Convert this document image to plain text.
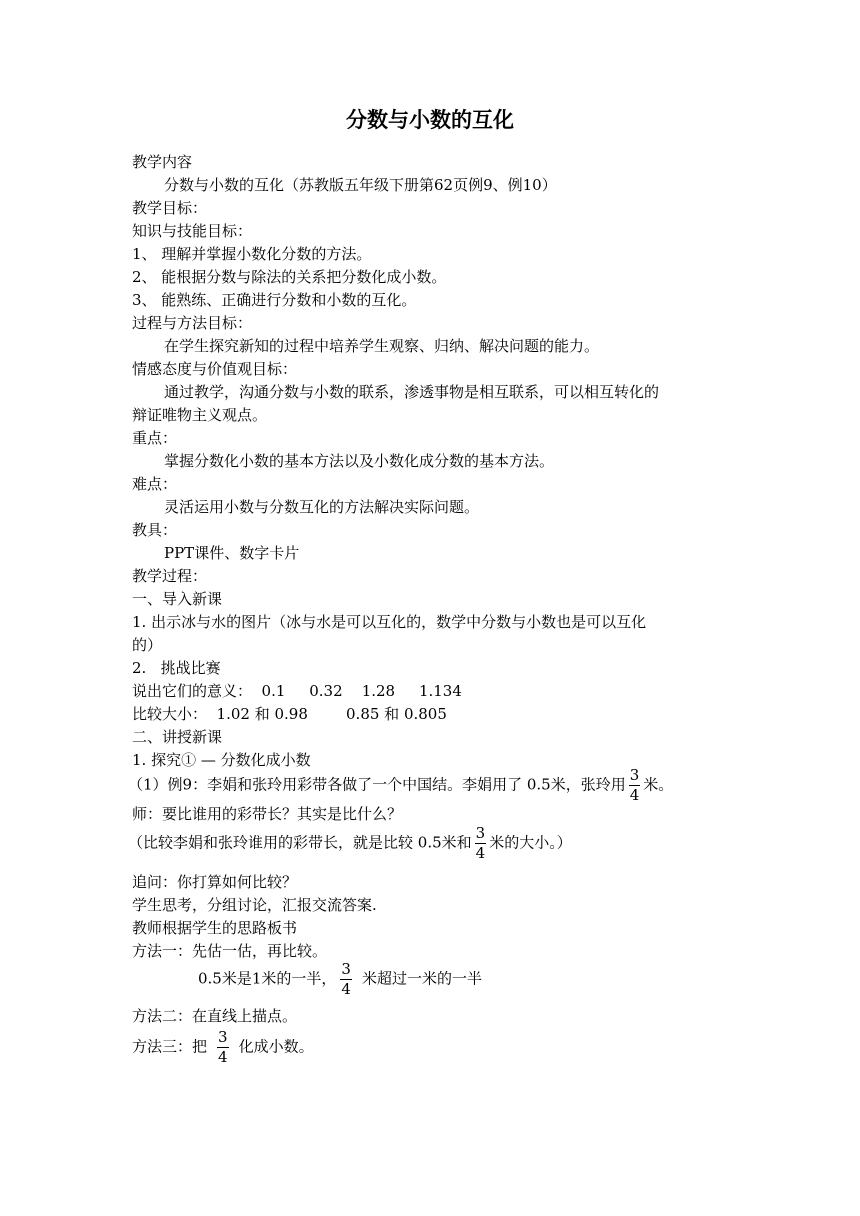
分数与小数的互化
教学内容
分数与小数的互化（苏教版五年级下册第62页例9、例10）
教学目标：
知识与技能目标：
1、 理解并掌握小数化分数的方法。
2、 能根据分数与除法的关系把分数化成小数。
3、 能熟练、正确进行分数和小数的互化。
过程与方法目标：
在学生探究新知的过程中培养学生观察、归纳、解决问题的能力。
情感态度与价值观目标：
通过教学，沟通分数与小数的联系，渗透事物是相互联系，可以相互转化的
辩证唯物主义观点。
重点：
掌握分数化小数的基本方法以及小数化成分数的基本方法。
难点：
灵活运用小数与分数互化的方法解决实际问题。
教具：
PPT课件、数字卡片
教学过程：
一、导入新课
1. 出示冰与水的图片（冰与水是可以互化的，数学中分数与小数也是可以互化
的）
2.   挑战比赛
说出它们的意义：  0.1     0.32    1.28     1.134
比较大小：  1.02 和 0.98        0.85 和 0.805
二、讲授新课
1. 探究① — 分数化成小数
（1）例9：李娟和张玲用彩带各做了一个中国结。李娟用了 0.5米，张玲用 $\frac{3}{4}$ 米。
师：要比谁用的彩带长？其实是比什么？
（比较李娟和张玲谁用的彩带长，就是比较 0.5米和 $\frac{3}{4}$ 米的大小。）
追问：你打算如何比较？
学生思考，分组讨论，汇报交流答案.
教师根据学生的思路板书
方法一：先估一估，再比较。
0.5米是1米的一半， $\frac{3}{4}$ 米超过一米的一半
方法二：在直线上描点。
方法三：把 $\frac{3}{4}$ 化成小数。
